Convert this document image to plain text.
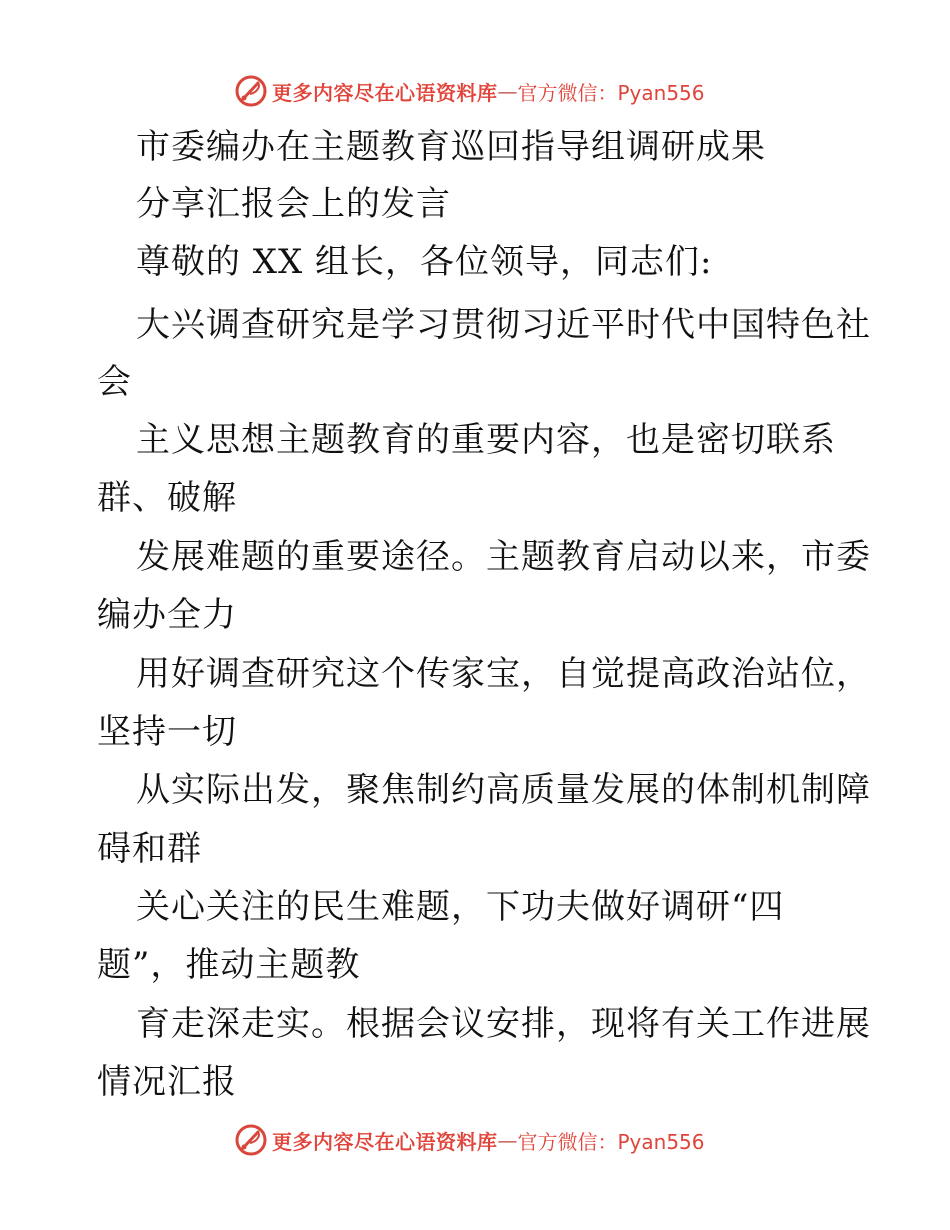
更多内容尽在心语资料库 — 官方微信：Pyan556
市委编办在主题教育巡回指导组调研成果
分享汇报会上的发言
尊敬的 XX 组长，各位领导，同志们:
大兴调查研究是学习贯彻习近平时代中国特色社
会
主义思想主题教育的重要内容，也是密切联系
群、破解
发展难题的重要途径。主题教育启动以来，市委
编办全力
用好调查研究这个传家宝，自觉提高政治站位，
坚持一切
从实际出发，聚焦制约高质量发展的体制机制障
碍和群
关心关注的民生难题，下功夫做好调研“四
题”，推动主题教
育走深走实。根据会议安排，现将有关工作进展
情况汇报
更多内容尽在心语资料库 — 官方微信：Pyan556
